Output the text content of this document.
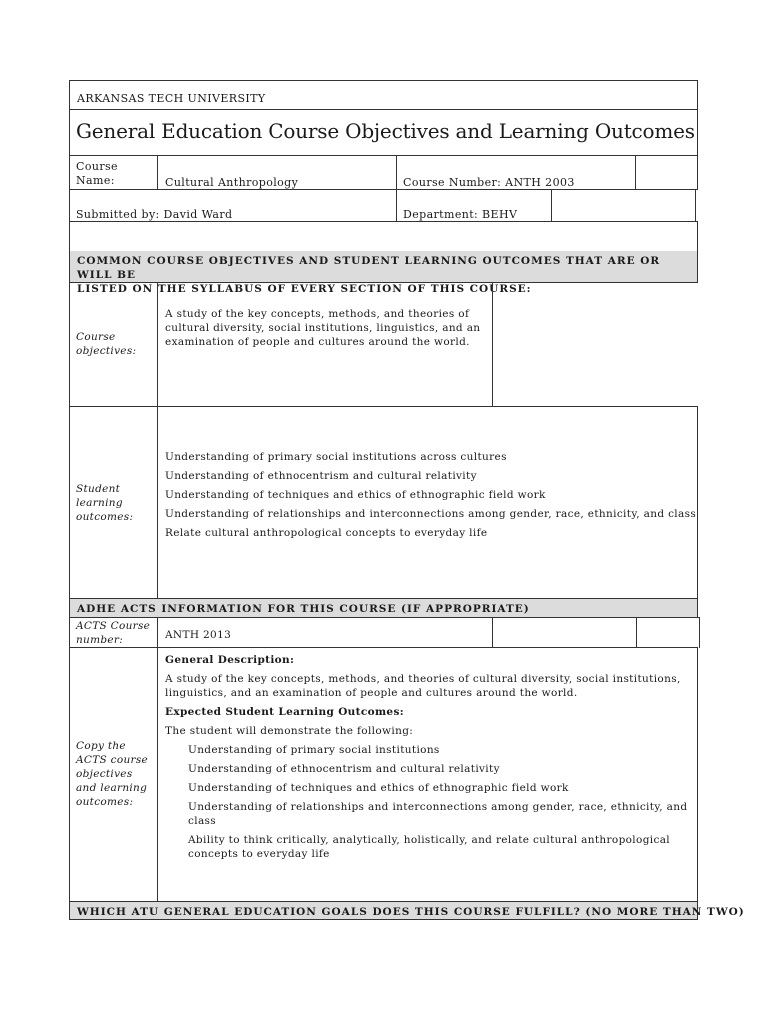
ARKANSAS TECH UNIVERSITY
General Education Course Objectives and Learning Outcomes
Course Name:	Cultural Anthropology	Course Number: ANTH 2003
Submitted by: David Ward	Department: BEHV
COMMON COURSE OBJECTIVES AND STUDENT LEARNING OUTCOMES THAT ARE OR WILL BE
LISTED ON THE SYLLABUS OF EVERY SECTION OF THIS COURSE:
Course objectives:
A study of the key concepts, methods, and theories of
cultural diversity, social institutions, linguistics, and an
examination of people and cultures around the world.
Student learning outcomes:
Understanding of primary social institutions across cultures
Understanding of ethnocentrism and cultural relativity
Understanding of techniques and ethics of ethnographic field work
Understanding of relationships and interconnections among gender, race, ethnicity, and class
Relate cultural anthropological concepts to everyday life
ADHE ACTS INFORMATION FOR THIS COURSE (IF APPROPRIATE)
ACTS Course number:	ANTH 2013
Copy the ACTS course objectives and learning outcomes:
General Description:
A study of the key concepts, methods, and theories of cultural diversity, social institutions,
linguistics, and an examination of people and cultures around the world.
Expected Student Learning Outcomes:
The student will demonstrate the following:
Understanding of primary social institutions
Understanding of ethnocentrism and cultural relativity
Understanding of techniques and ethics of ethnographic field work
Understanding of relationships and interconnections among gender, race, ethnicity, and
class
Ability to think critically, analytically, holistically, and relate cultural anthropological
concepts to everyday life
WHICH ATU GENERAL EDUCATION GOALS DOES THIS COURSE FULFILL? (NO MORE THAN TWO)
